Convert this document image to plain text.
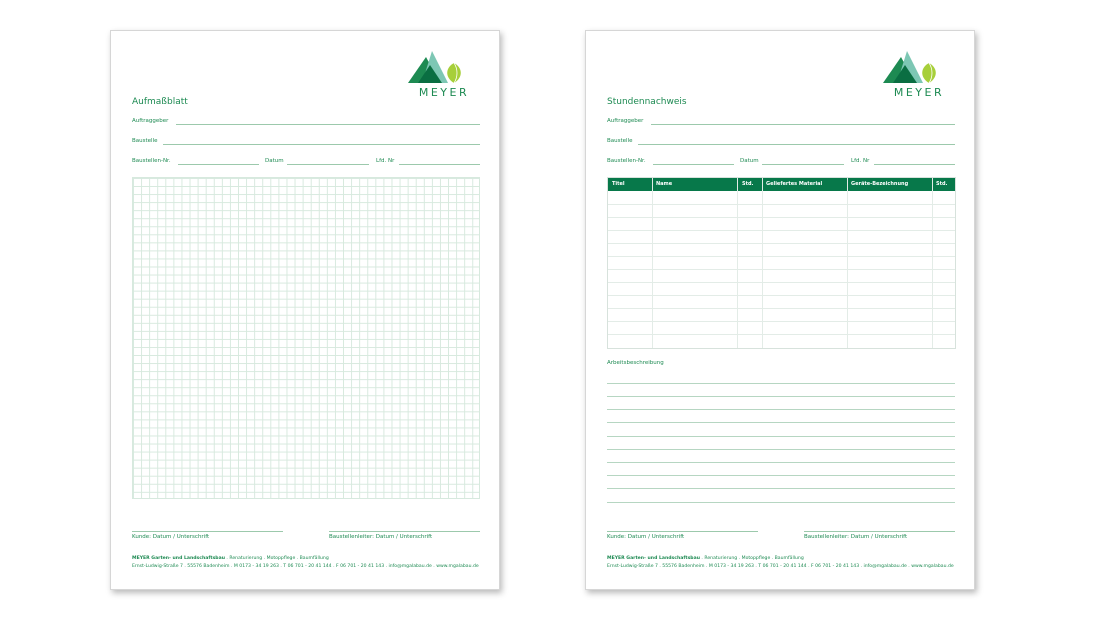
MEYER
Aufmaßblatt
Auftraggeber
Baustelle
Baustellen-Nr.	Datum	Lfd. Nr
Kunde: Datum / Unterschrift	Baustellenleiter: Datum / Unterschrift
MEYER Garten- und Landschaftsbau . Renaturierung . Motoppflege . Baumfällung
Ernst-Ludwig-Straße 7 . 55576 Badenheim . M 0173 - 34 19 263 . T 06 701 - 20 41 144 . F 06 701 - 20 41 143 . info@mgalabau.de . www.mgalabau.de
MEYER
Stundennachweis
Auftraggeber
Baustelle
Baustellen-Nr.	Datum	Lfd. Nr
Titel	Name	Std.	Geliefertes Material	Geräte-Bezeichnung	Std.
Arbeitsbeschreibung
Kunde: Datum / Unterschrift	Baustellenleiter: Datum / Unterschrift
MEYER Garten- und Landschaftsbau . Renaturierung . Motoppflege . Baumfällung
Ernst-Ludwig-Straße 7 . 55576 Badenheim . M 0173 - 34 19 263 . T 06 701 - 20 41 144 . F 06 701 - 20 41 143 . info@mgalabau.de . www.mgalabau.de
